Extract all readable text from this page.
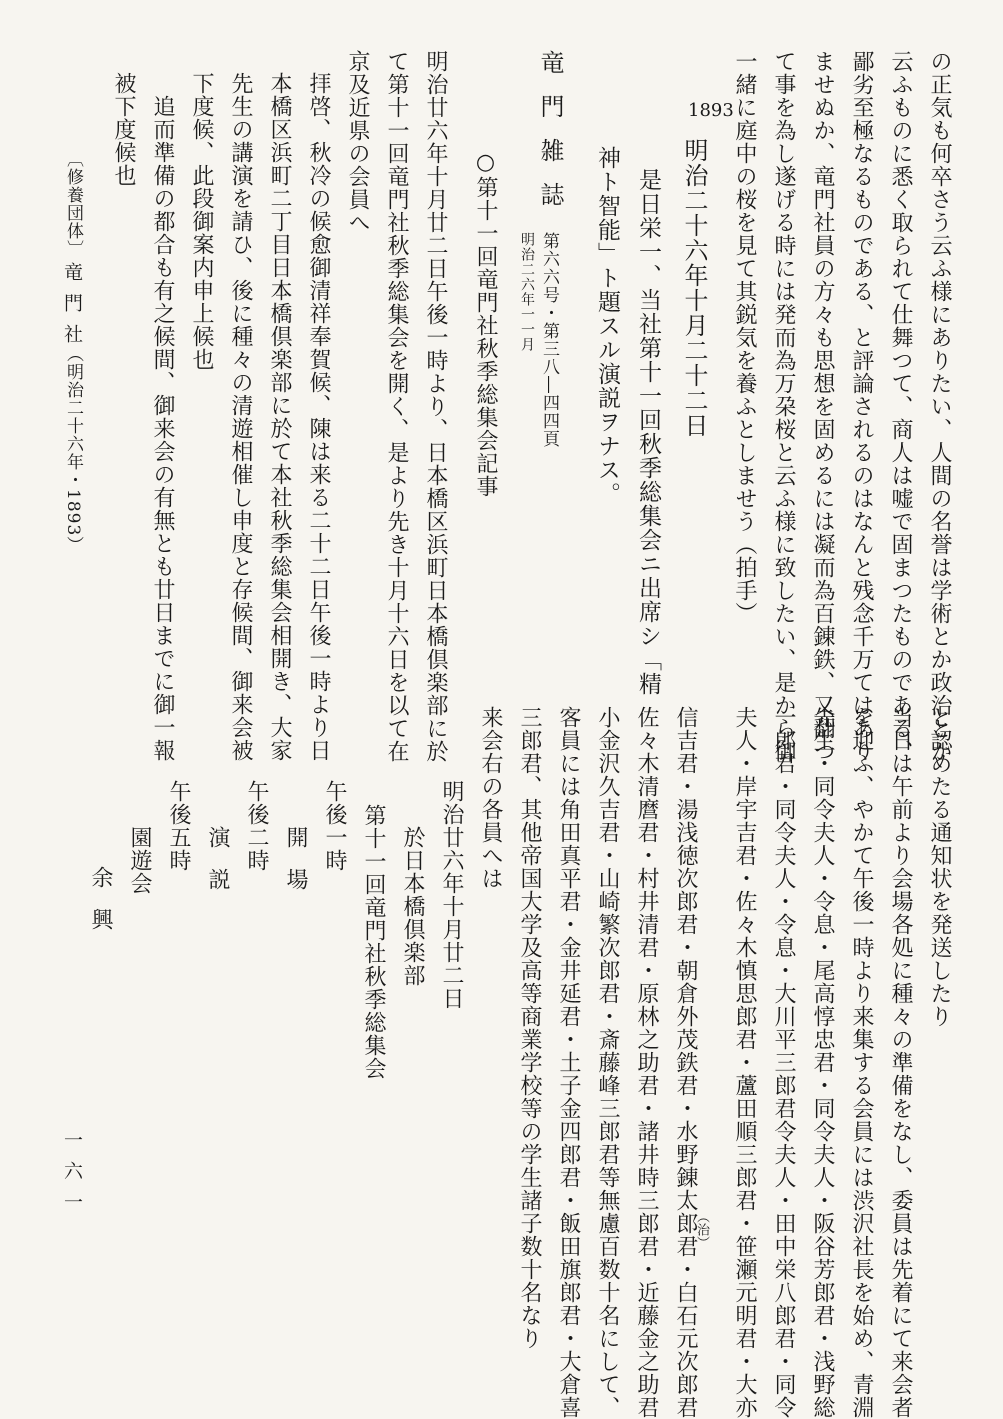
の正気も何卒さう云ふ様にありたい、人間の名誉は学術とか政治とか
云ふものに悉く取られて仕舞つて、商人は嘘で固まつたものである、
鄙劣至極なるものである、と評論されるのはなんと残念千万てはあり
ませぬか、竜門社員の方々も思想を固めるには凝而為百錬鉄、又翻つ
て事を為し遂げる時には発而為万朶桜と云ふ様に致したい、是から御
一緒に庭中の桜を見て其鋭気を養ふとしませう（拍手）
1893
明治二十六年十月二十二日
是日栄一、当社第十一回秋季総集会ニ出席シ「精
神ト智能」ト題スル演説ヲナス。
竜門雑誌
第六六号・第三八―四四頁
明治二六年一一月
○第十一回竜門社秋季総集会記事
明治廿六年十月廿二日午後一時より、日本橋区浜町日本橋倶楽部に於
て第十一回竜門社秋季総集会を開く、是より先き十月十六日を以て在
京及近県の会員へ
拝啓、秋冷の候愈御清祥奉賀候、陳は来る二十二日午後一時より日
本橋区浜町二丁目日本橋倶楽部に於て本社秋季総集会相開き、大家
先生の講演を請ひ、後に種々の清遊相催し申度と存候間、御来会被
下度候、此段御案内申上候也
追而準備の都合も有之候間、御来会の有無とも廿日までに御一報
被下度候也
〔修養団体〕
竜門社
（明治二十六年・1893）
と認めたる通知状を発送したり
当日は午前より会場各処に種々の準備をなし、委員は先着にて来会者
を迎ふ、やかて午後一時より来集する会員には渋沢社長を始め、青淵
先生・同令夫人・令息・尾高惇忠君・同令夫人・阪谷芳郎君・浅野総
一郎君・同令夫人・令息・大川平三郎君令夫人・田中栄八郎君・同令
夫人・岸宇吉君・佐々木慎思郎君・蘆田順三郎君・笹瀬元明君・大亦
（治）
信吉君・湯浅徳次郎君・朝倉外茂鉄君・水野錬太郎君・白石元次郎君
佐々木清麿君・村井清君・原林之助君・諸井時三郎君・近藤金之助君
小金沢久吉君・山崎繁次郎君・斎藤峰三郎君等無慮百数十名にして、
客員には角田真平君・金井延君・土子金四郎君・飯田旗郎君・大倉喜
三郎君、其他帝国大学及高等商業学校等の学生諸子数十名なり
来会右の各員へは
明治廿六年十月廿二日
於日本橋倶楽部
第十一回竜門社秋季総集会
午後一時
開場
午後二時
演説
午後五時
園遊会
余興
一六一
